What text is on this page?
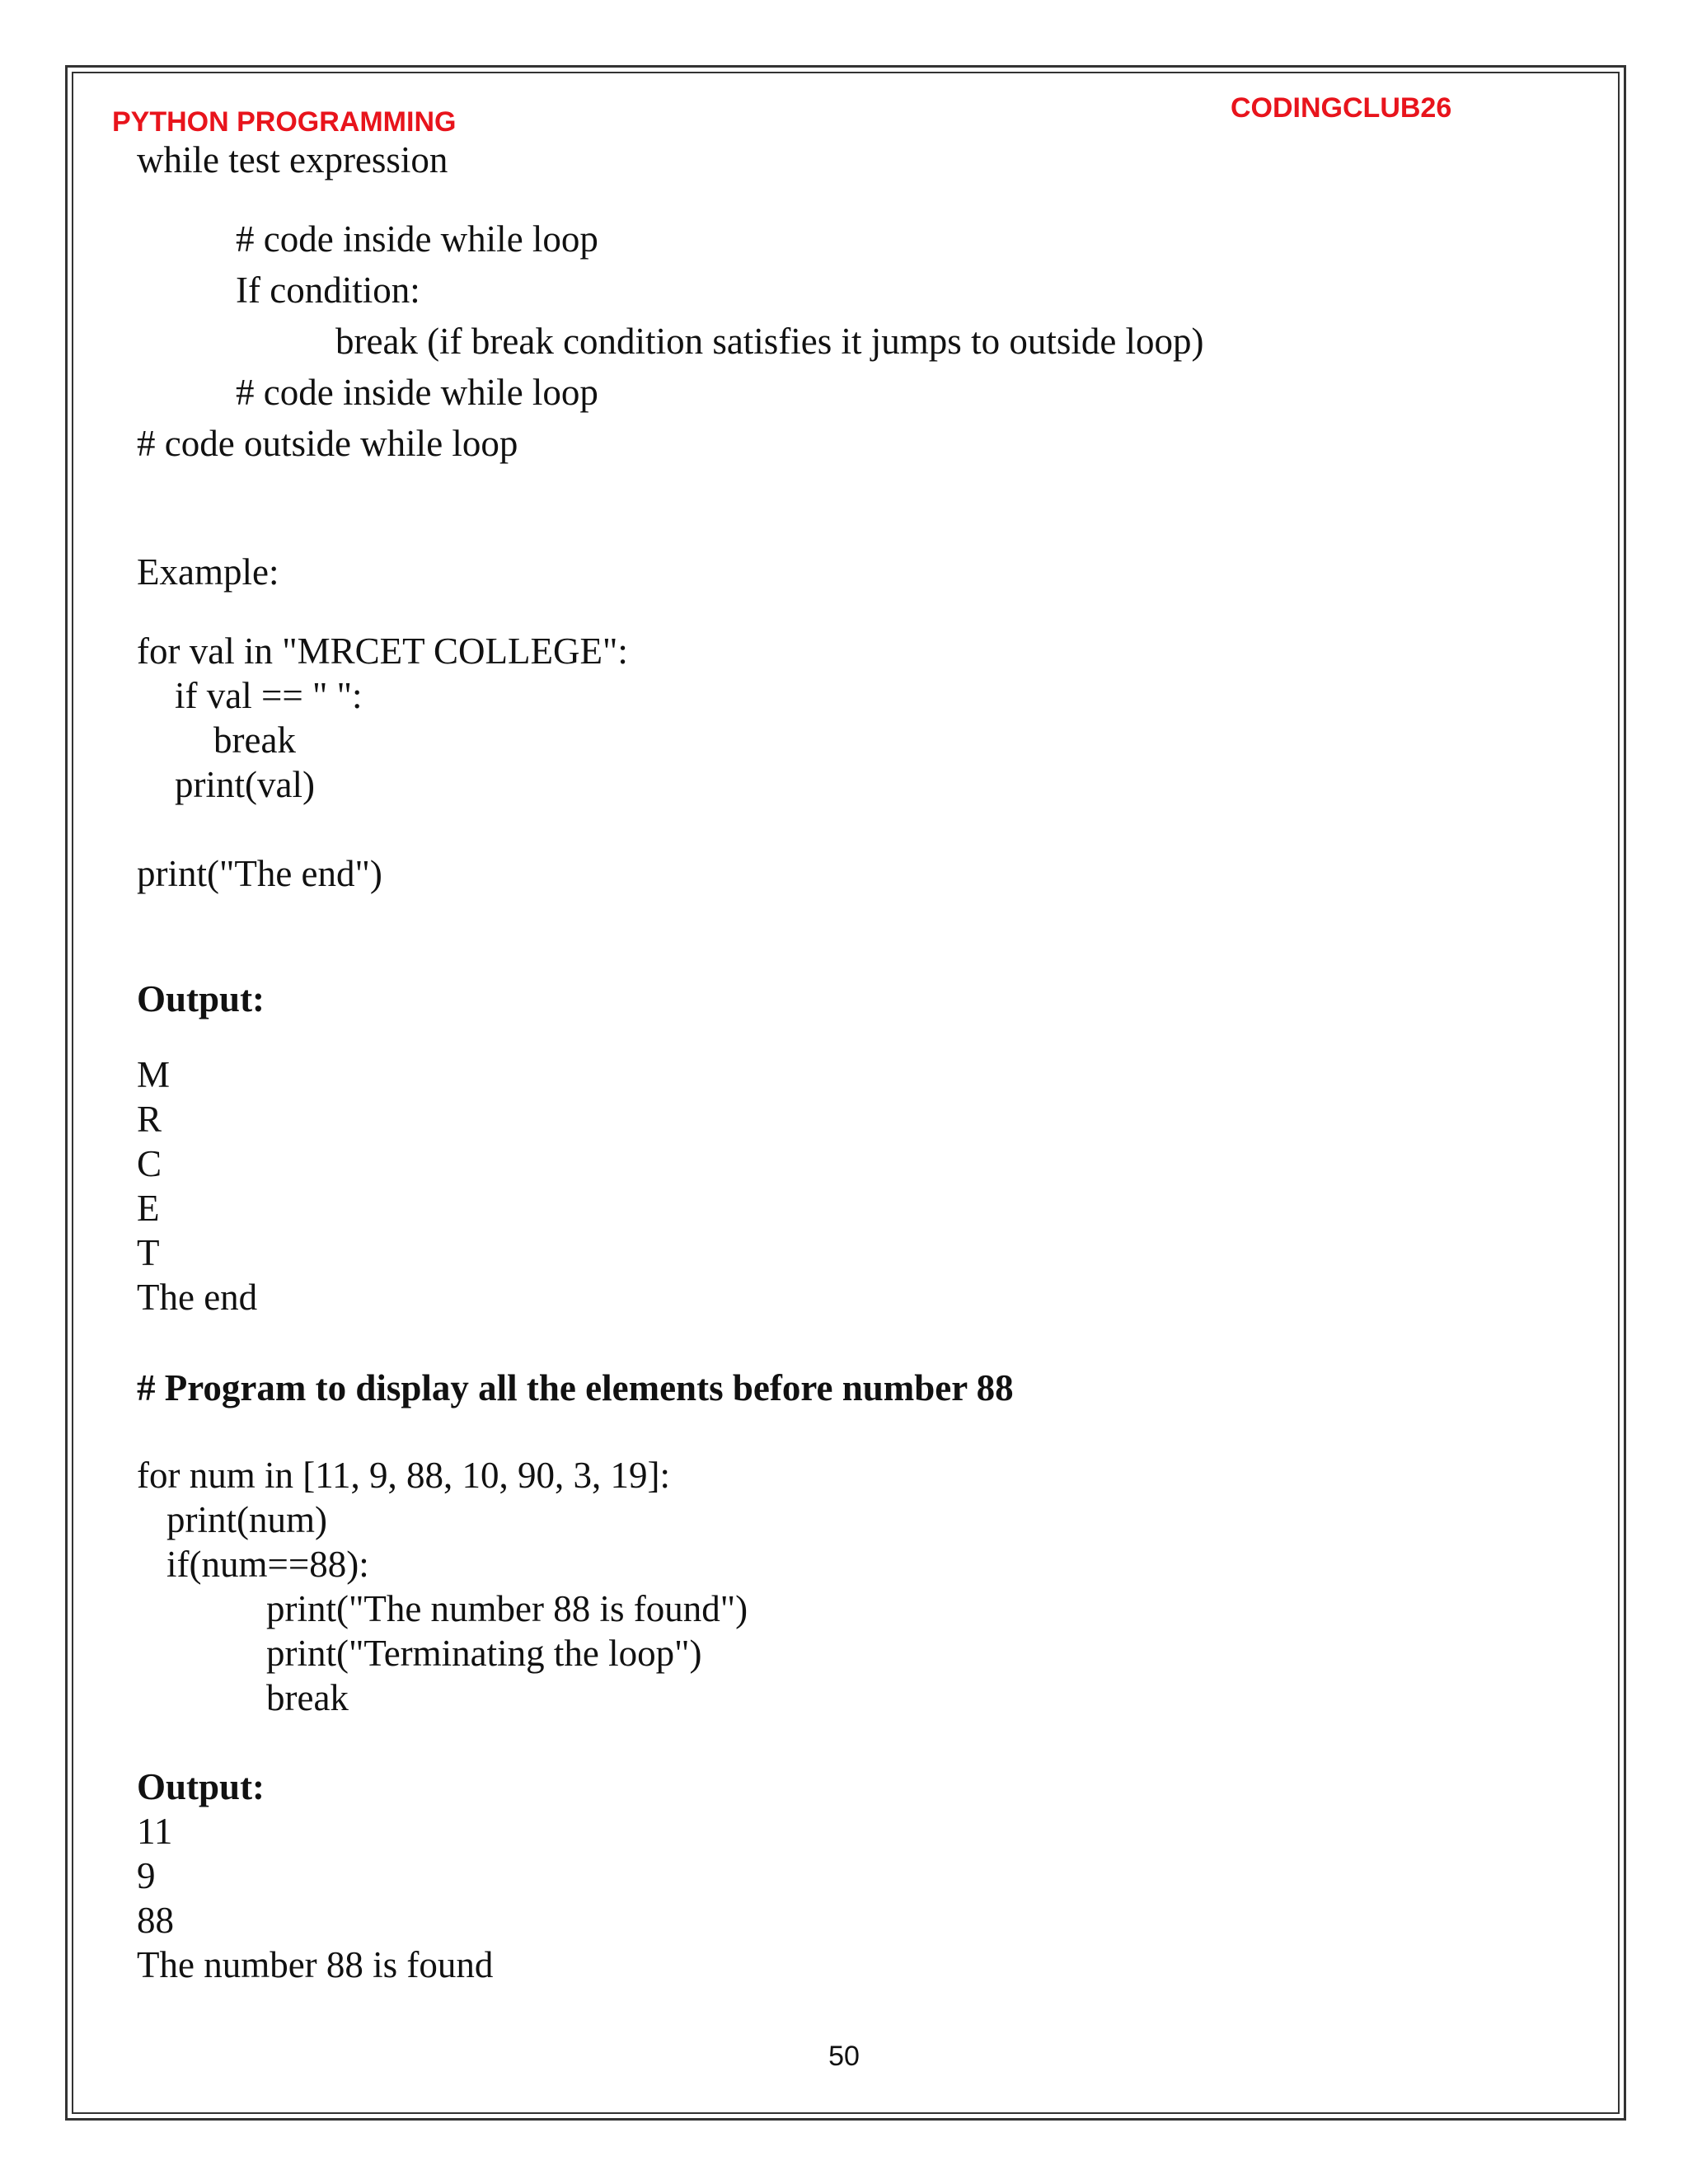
PYTHON PROGRAMMING	CODINGCLUB26
while test expression
# code inside while loop
If condition:
break (if break condition satisfies it jumps to outside loop)
# code inside while loop
# code outside while loop
Example:
for val in "MRCET COLLEGE":
if val == " ":
break
print(val)
print("The end")
Output:
M
R
C
E
T
The end
# Program to display all the elements before number 88
for num in [11, 9, 88, 10, 90, 3, 19]:
print(num)
if(num==88):
print("The number 88 is found")
print("Terminating the loop")
break
Output:
11
9
88
The number 88 is found
50
